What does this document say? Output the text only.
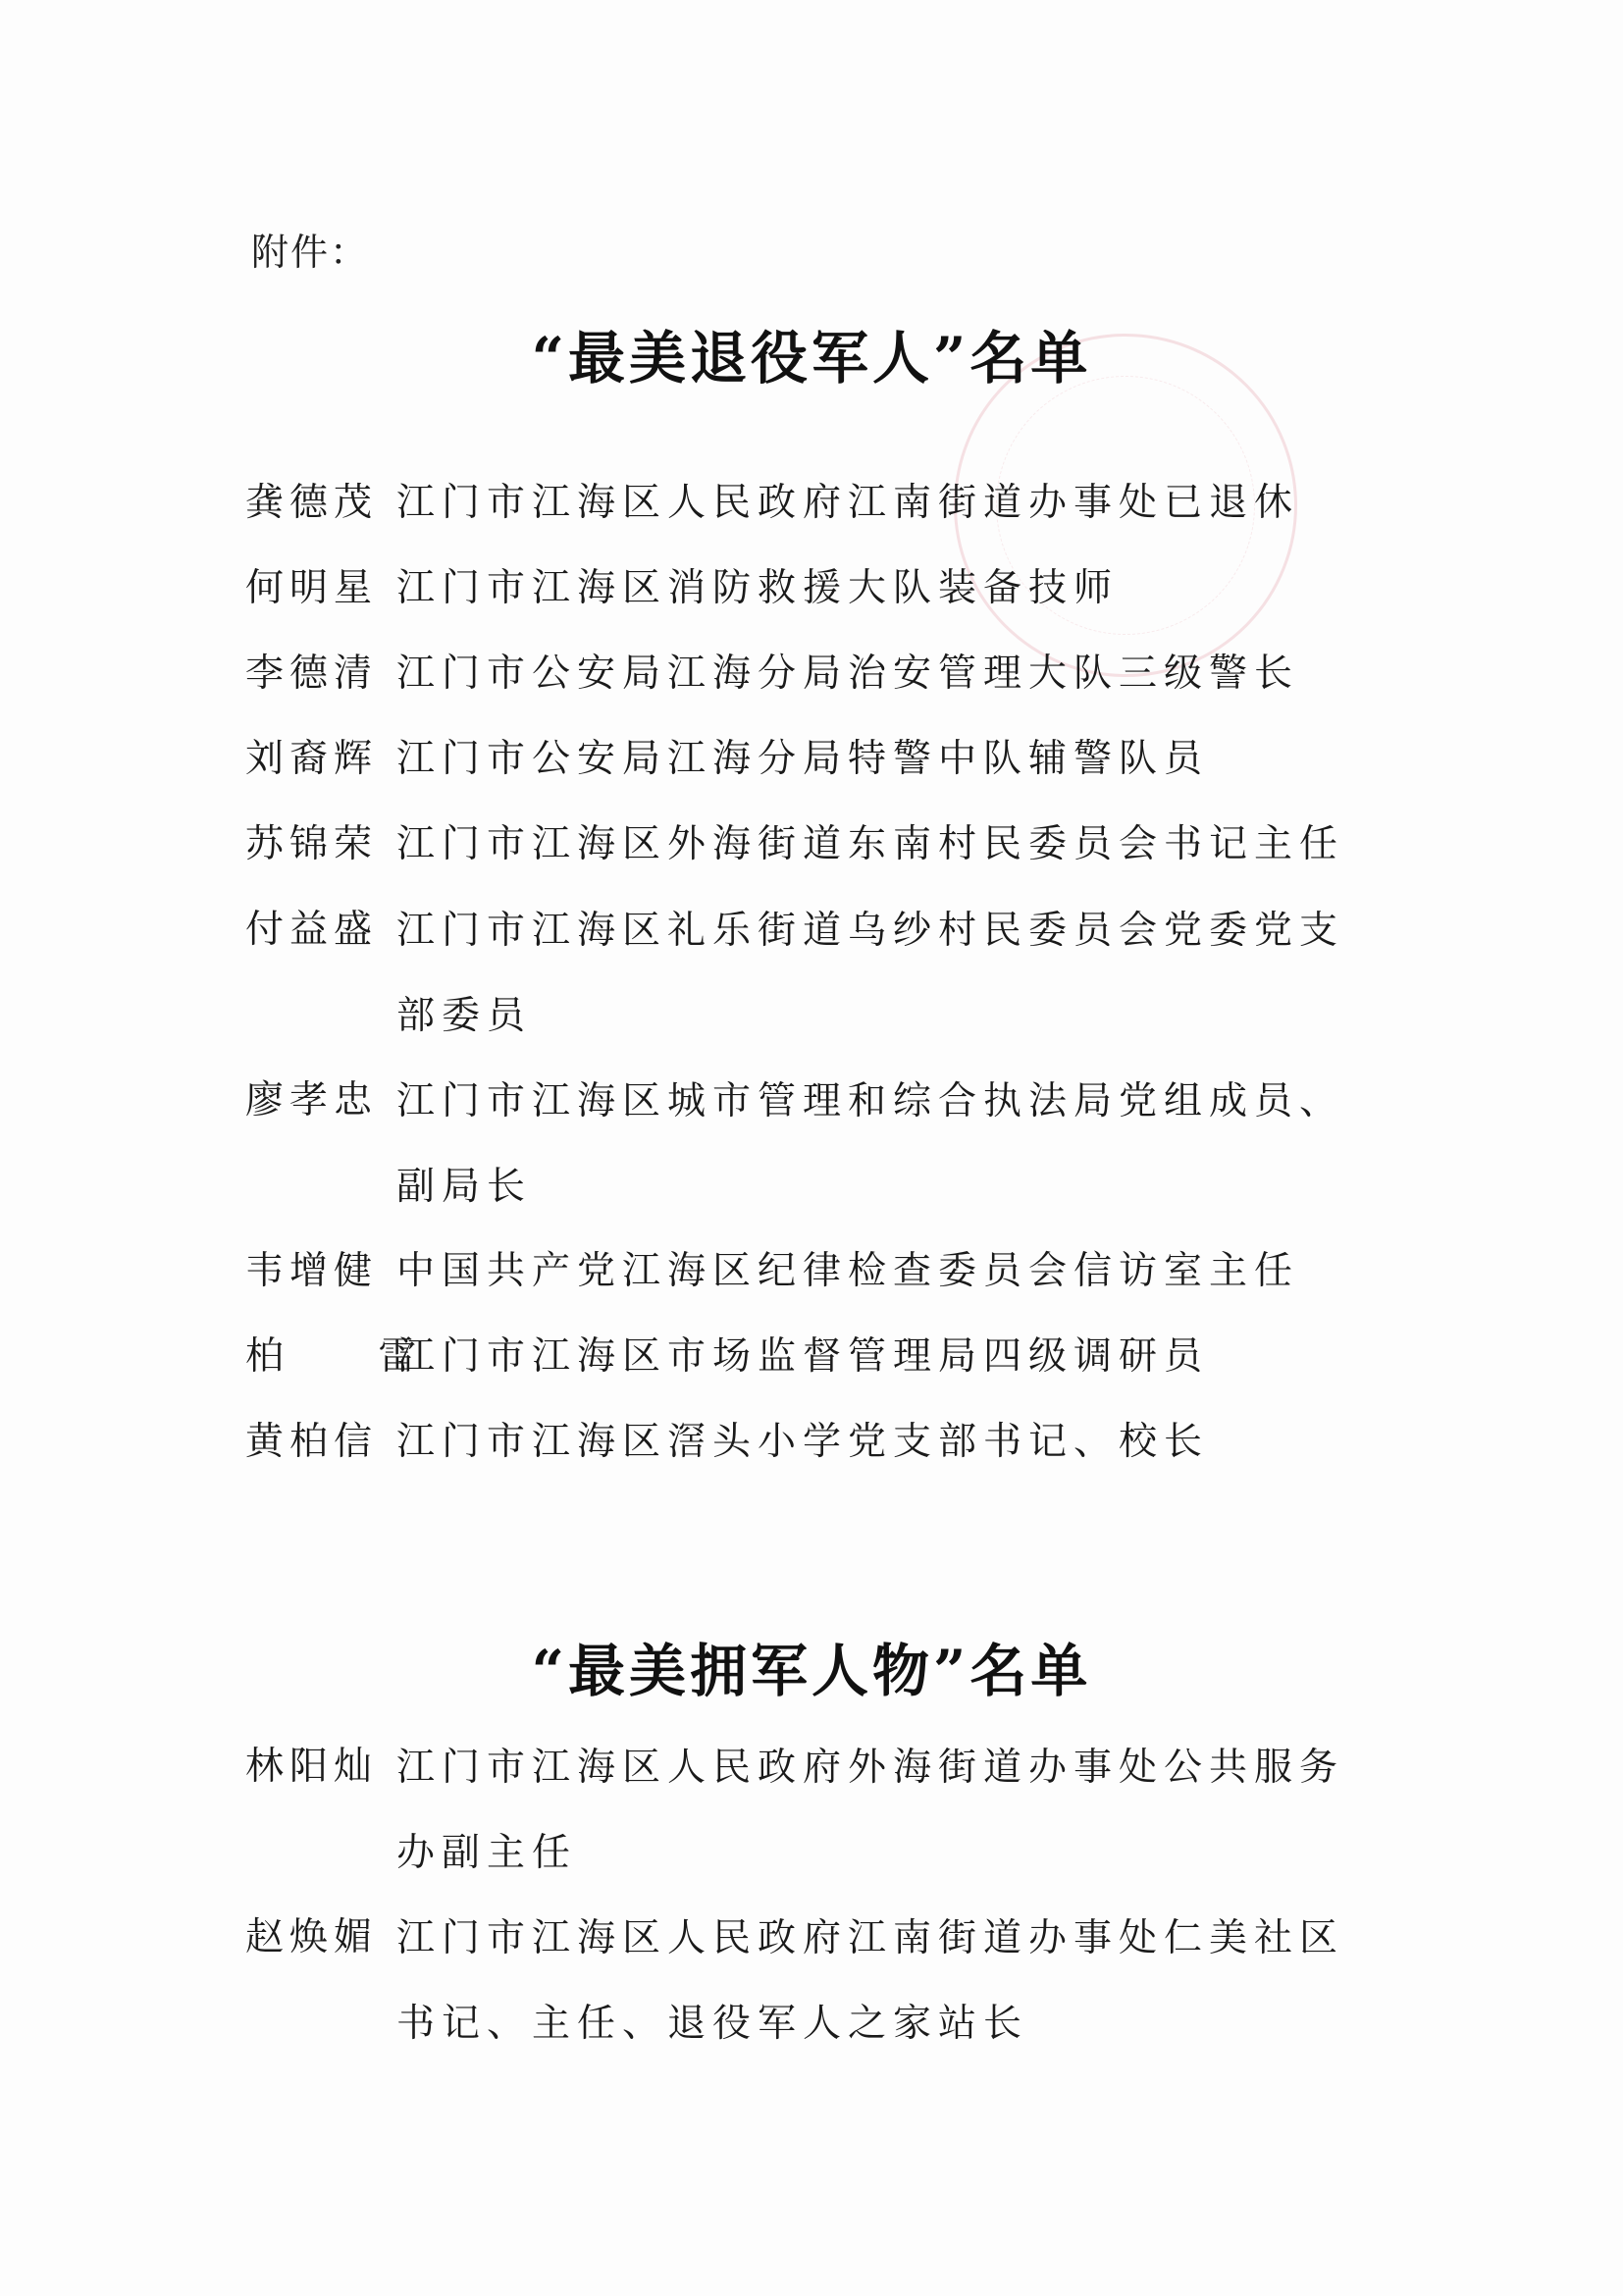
附件：
“最美退役军人”名单
龚德茂 江门市江海区人民政府江南街道办事处已退休
何明星 江门市江海区消防救援大队装备技师
李德清 江门市公安局江海分局治安管理大队三级警长
刘裔辉 江门市公安局江海分局特警中队辅警队员
苏锦荣 江门市江海区外海街道东南村民委员会书记主任
付益盛 江门市江海区礼乐街道乌纱村民委员会党委党支部委员
廖孝忠 江门市江海区城市管理和综合执法局党组成员、副局长
韦增健 中国共产党江海区纪律检查委员会信访室主任
柏 雷
江门市江海区市场监督管理局四级调研员
黄柏信 江门市江海区滘头小学党支部书记、校长
“最美拥军人物”名单
林阳灿 江门市江海区人民政府外海街道办事处公共服务办副主任
赵焕媚 江门市江海区人民政府江南街道办事处仁美社区书记、主任、退役军人之家站长
